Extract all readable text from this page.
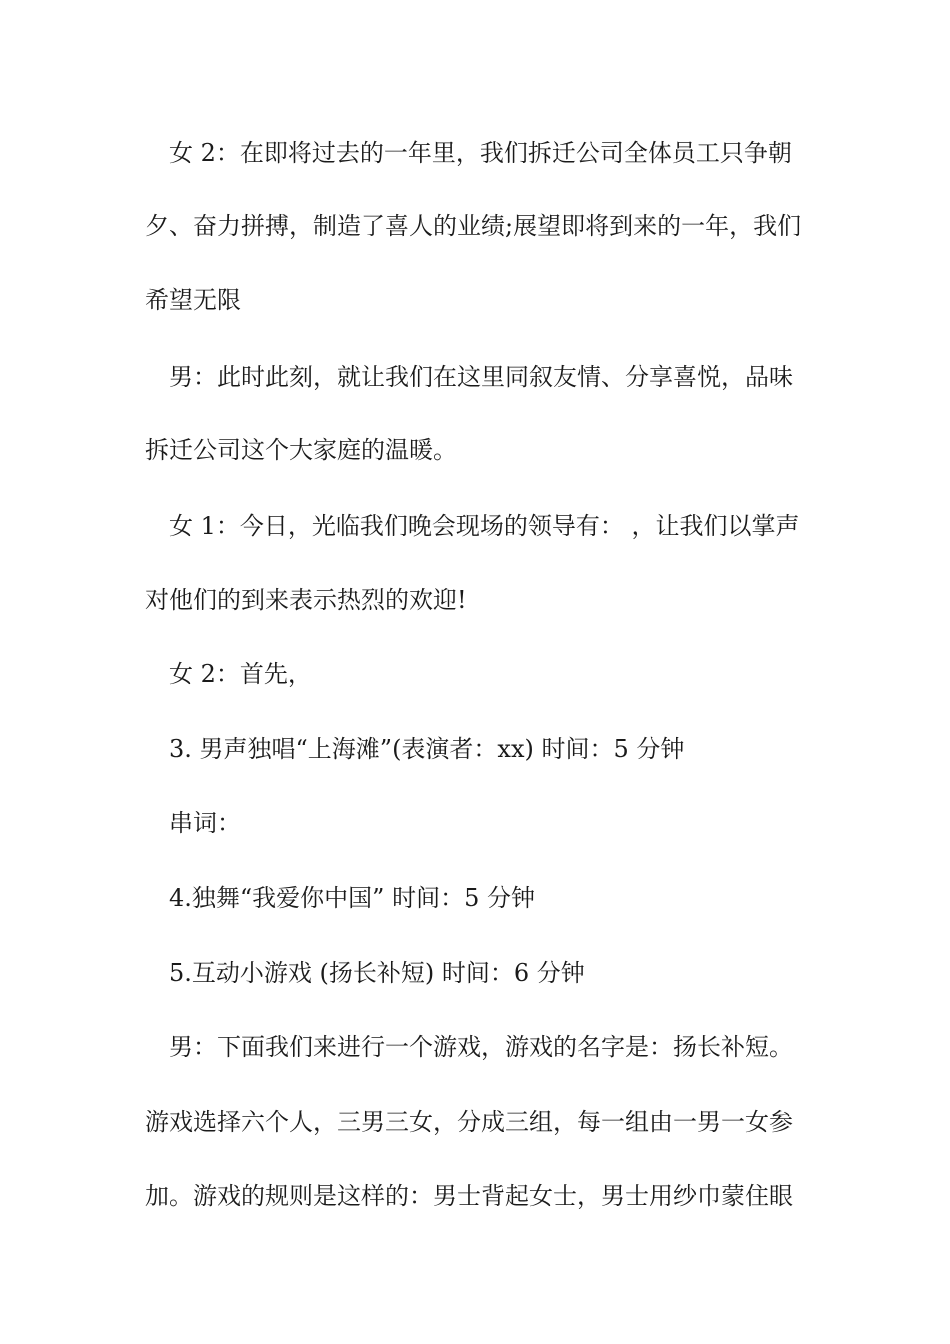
女 2：在即将过去的一年里，我们拆迁公司全体员工只争朝
夕、奋力拼搏，制造了喜人的业绩;展望即将到来的一年，我们
希望无限
男：此时此刻，就让我们在这里同叙友情、分享喜悦，品味
拆迁公司这个大家庭的温暖。
女 1：今日，光临我们晚会现场的领导有： ，让我们以掌声
对他们的到来表示热烈的欢迎!
女 2：首先，
3. 男声独唱“上海滩”(表演者：xx) 时间：5 分钟
串词：
4.独舞“我爱你中国” 时间：5 分钟
5.互动小游戏 (扬长补短) 时间：6 分钟
男：下面我们来进行一个游戏，游戏的名字是：扬长补短。
游戏选择六个人，三男三女，分成三组，每一组由一男一女参
加。游戏的规则是这样的：男士背起女士，男士用纱巾蒙住眼
